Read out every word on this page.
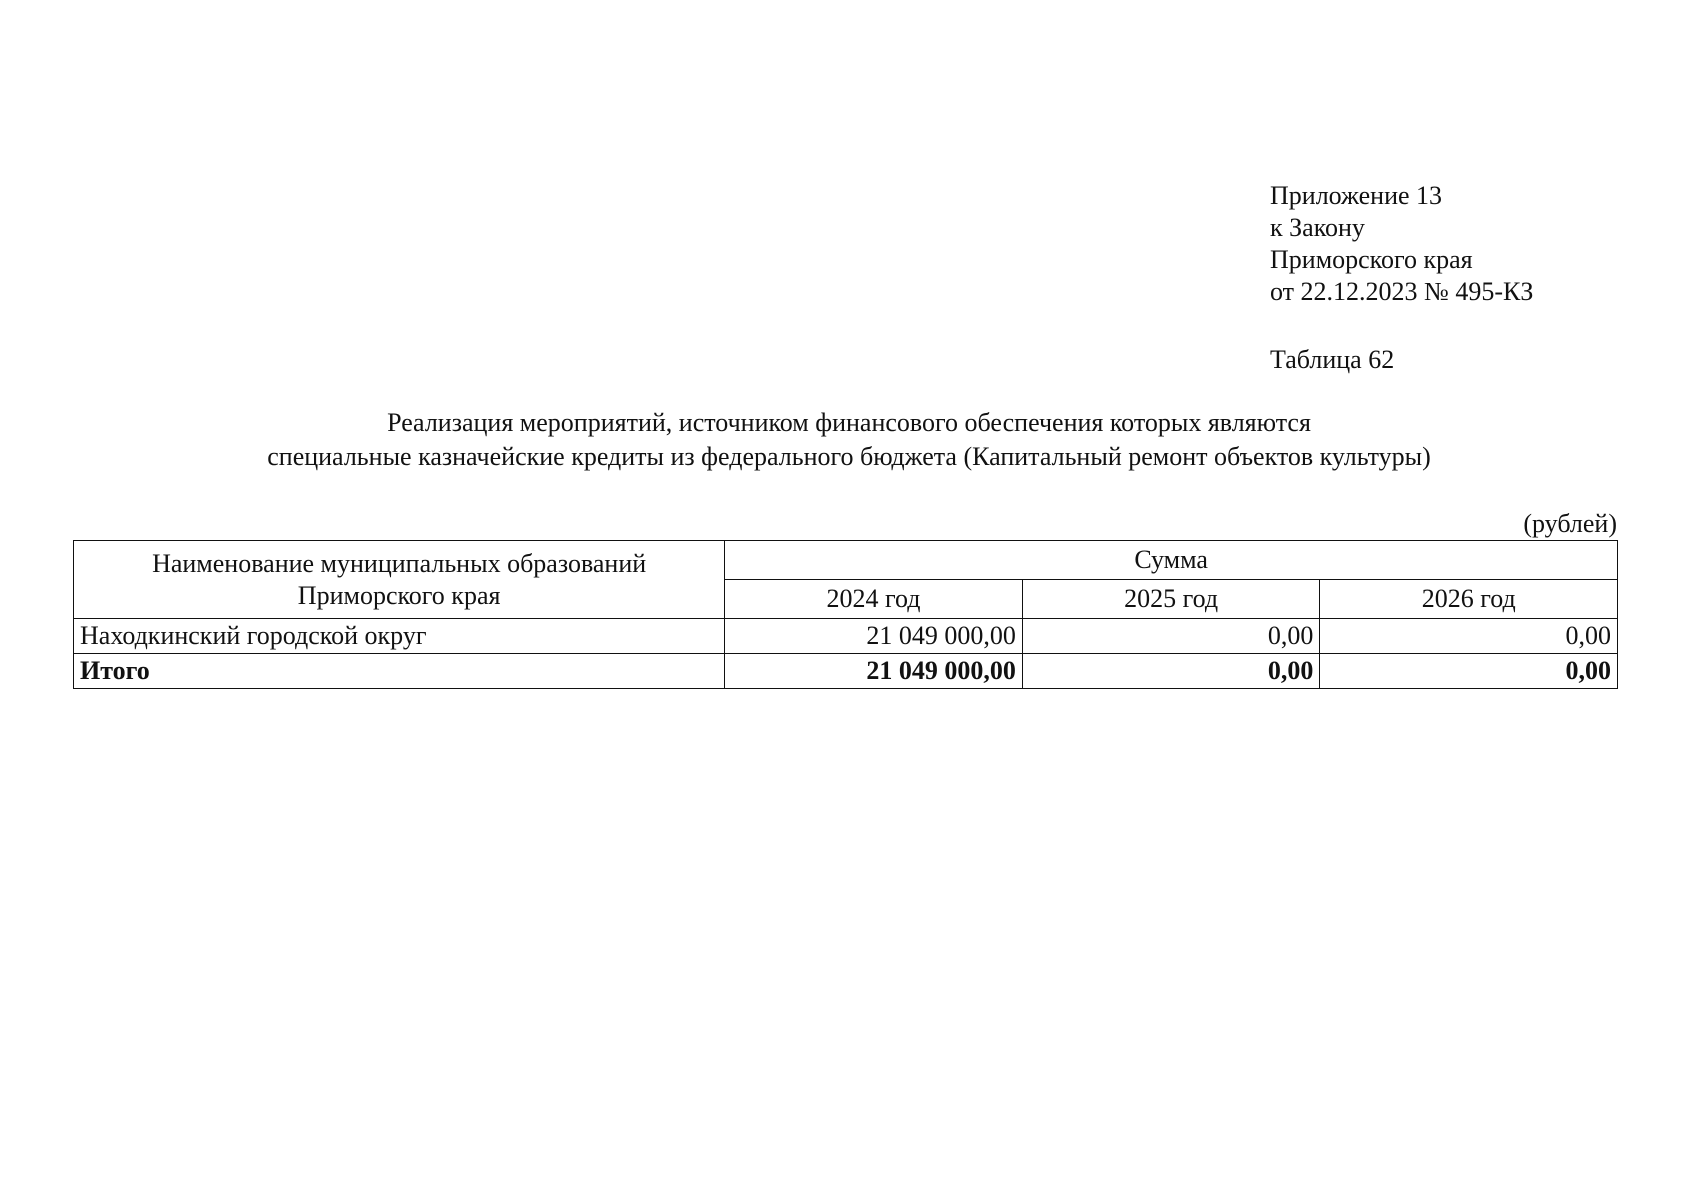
Приложение 13
к Закону
Приморского края
от 22.12.2023 № 495-КЗ
Таблица 62
Реализация мероприятий, источником финансового обеспечения которых являются
специальные казначейские кредиты из федерального бюджета (Капитальный ремонт объектов культуры)
(рублей)
Наименование муниципальных образований
Приморского края	Сумма		
	2024 год	2025 год	2026 год
Находкинский городской округ	21 049 000,00	0,00	0,00
Итого	21 049 000,00	0,00	0,00
